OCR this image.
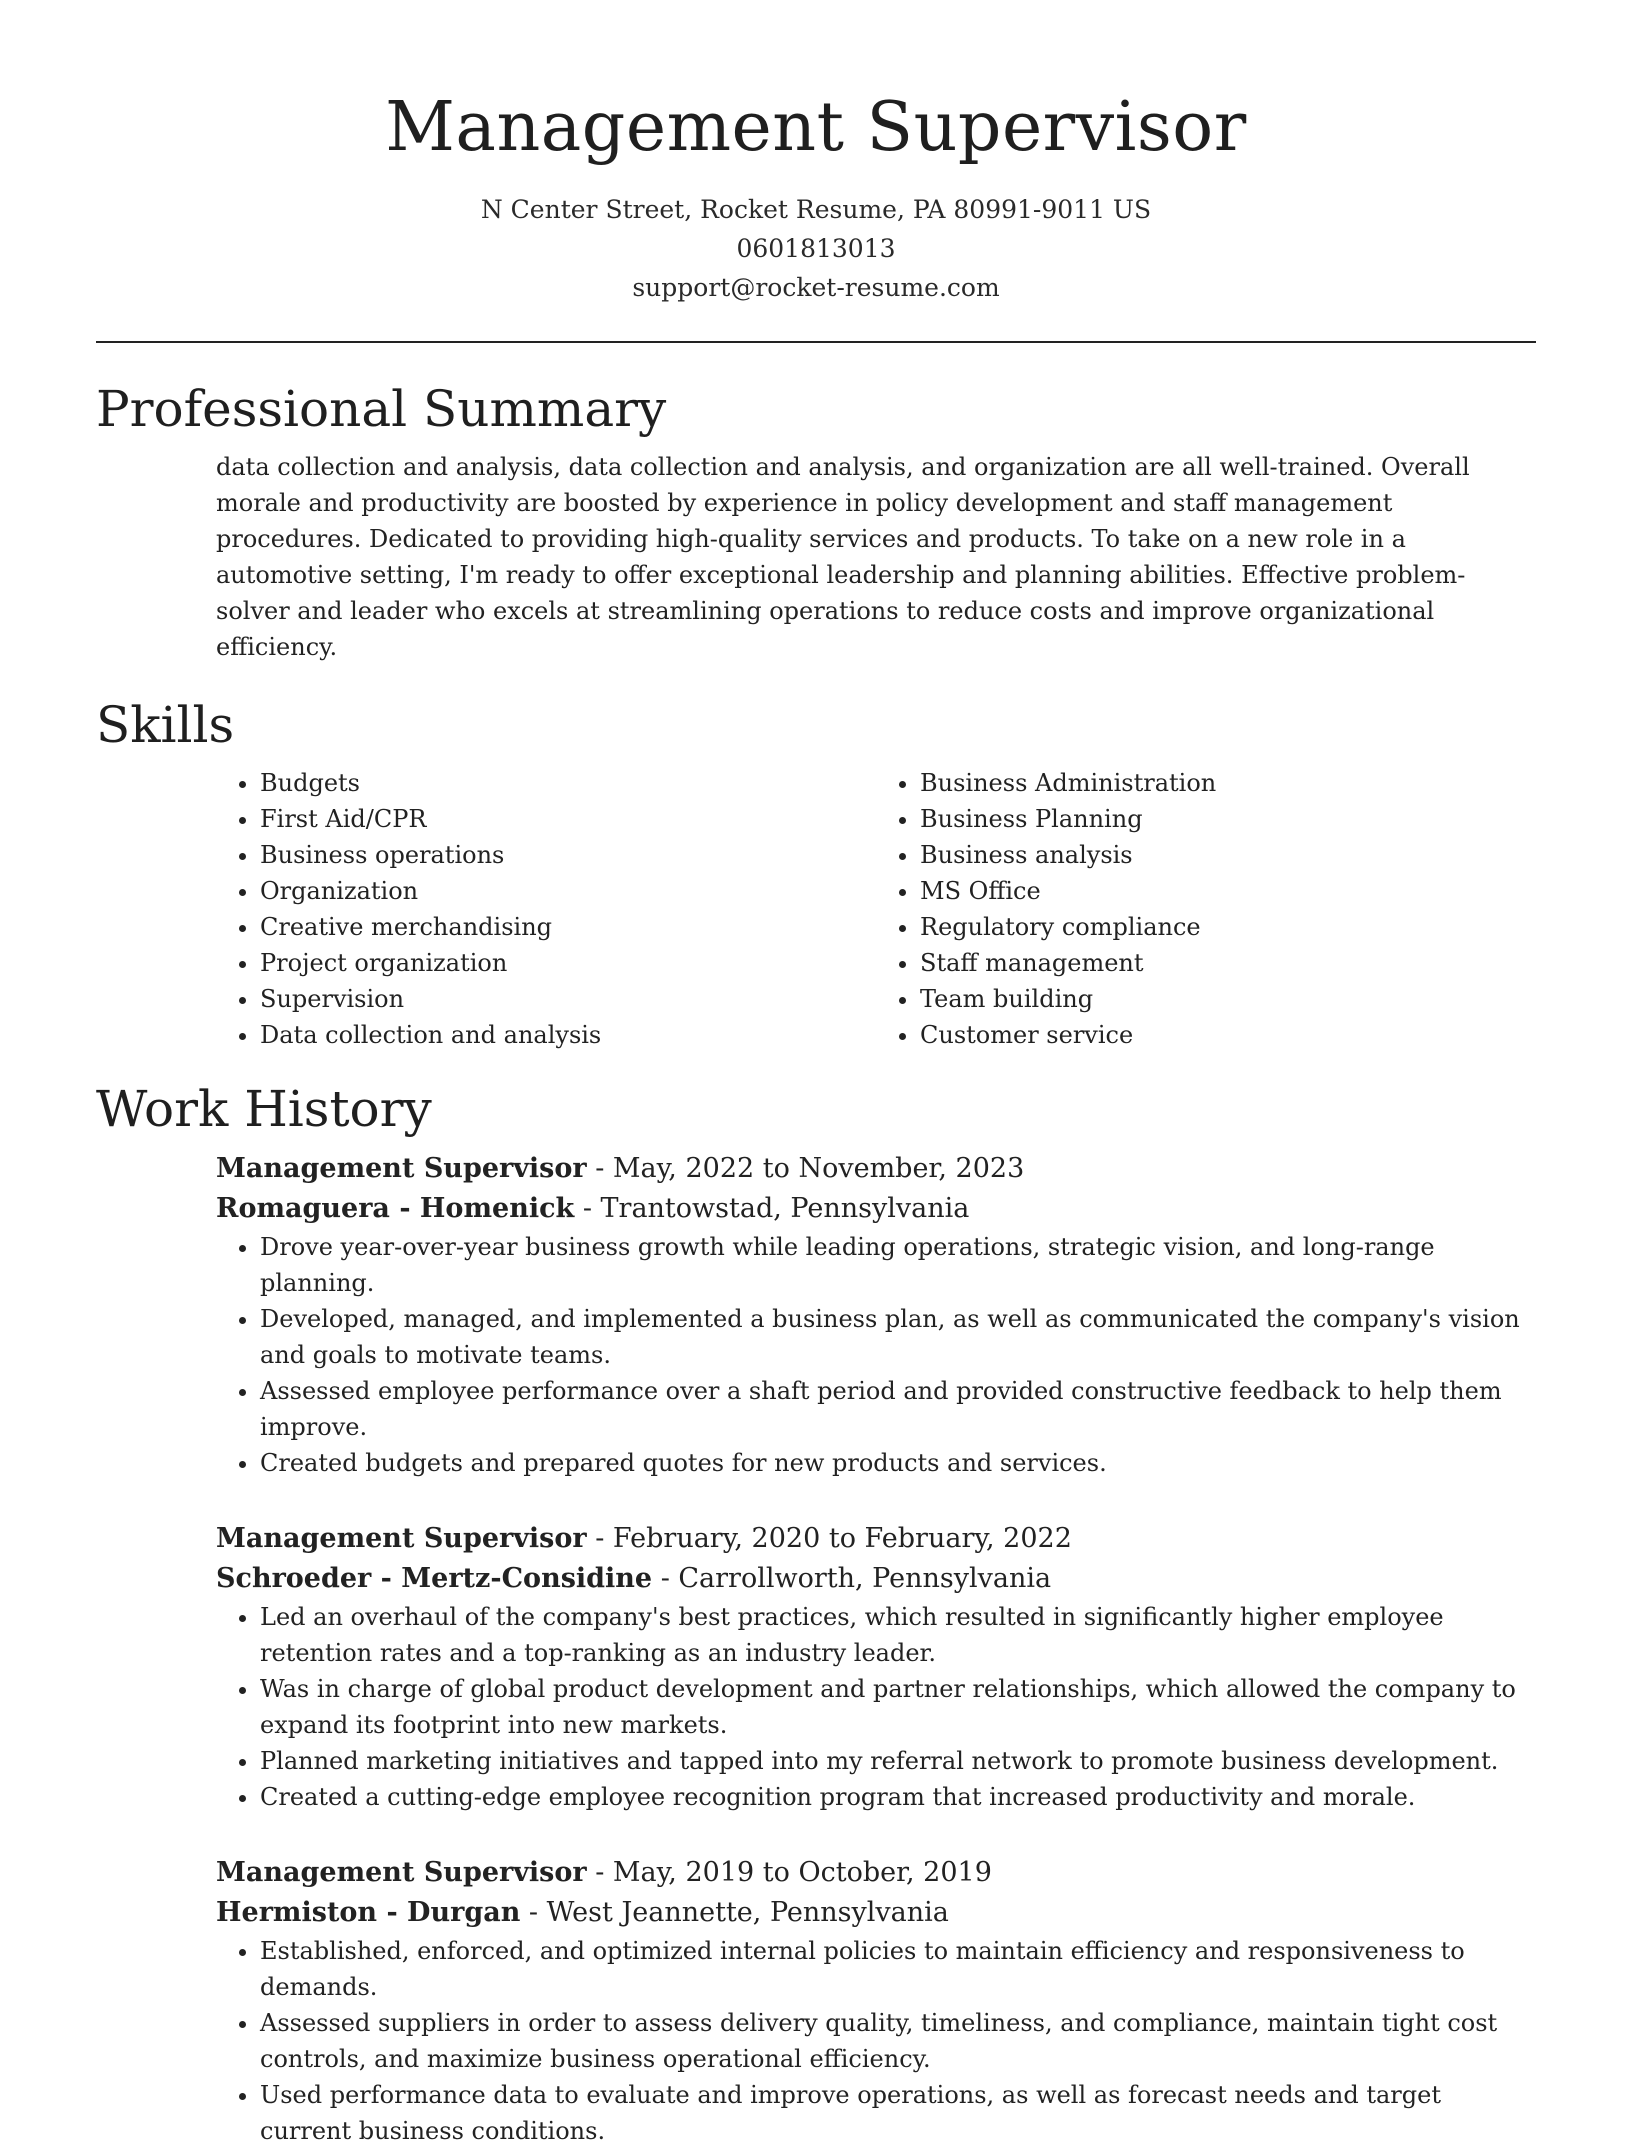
Management Supervisor
N Center Street, Rocket Resume, PA 80991-9011 US
0601813013
support@rocket-resume.com
Professional Summary

data collection and analysis, data collection and analysis, and organization are all well-trained. Overall morale and productivity are boosted by experience in policy development and staff management procedures. Dedicated to providing high-quality services and products. To take on a new role in a automotive setting, I'm ready to offer exceptional leadership and planning abilities. Effective problem-solver and leader who excels at streamlining operations to reduce costs and improve organizational efficiency.

Skills
• Budgets
• First Aid/CPR
• Business operations
• Organization
• Creative merchandising
• Project organization
• Supervision
• Data collection and analysis
• Business Administration
• Business Planning
• Business analysis
• MS Office
• Regulatory compliance
• Staff management
• Team building
• Customer service
Work History
Management Supervisor - May, 2022 to November, 2023
Romaguera - Homenick - Trantowstad, Pennsylvania
• Drove year-over-year business growth while leading operations, strategic vision, and long-range planning.
• Developed, managed, and implemented a business plan, as well as communicated the company's vision and goals to motivate teams.
• Assessed employee performance over a shaft period and provided constructive feedback to help them improve.
• Created budgets and prepared quotes for new products and services.
Management Supervisor - February, 2020 to February, 2022
Schroeder - Mertz-Considine - Carrollworth, Pennsylvania
• Led an overhaul of the company's best practices, which resulted in significantly higher employee retention rates and a top-ranking as an industry leader.
• Was in charge of global product development and partner relationships, which allowed the company to expand its footprint into new markets.
• Planned marketing initiatives and tapped into my referral network to promote business development.
• Created a cutting-edge employee recognition program that increased productivity and morale.
Management Supervisor - May, 2019 to October, 2019
Hermiston - Durgan - West Jeannette, Pennsylvania
• Established, enforced, and optimized internal policies to maintain efficiency and responsiveness to demands.
• Assessed suppliers in order to assess delivery quality, timeliness, and compliance, maintain tight cost controls, and maximize business operational efficiency.
• Used performance data to evaluate and improve operations, as well as forecast needs and target current business conditions.
